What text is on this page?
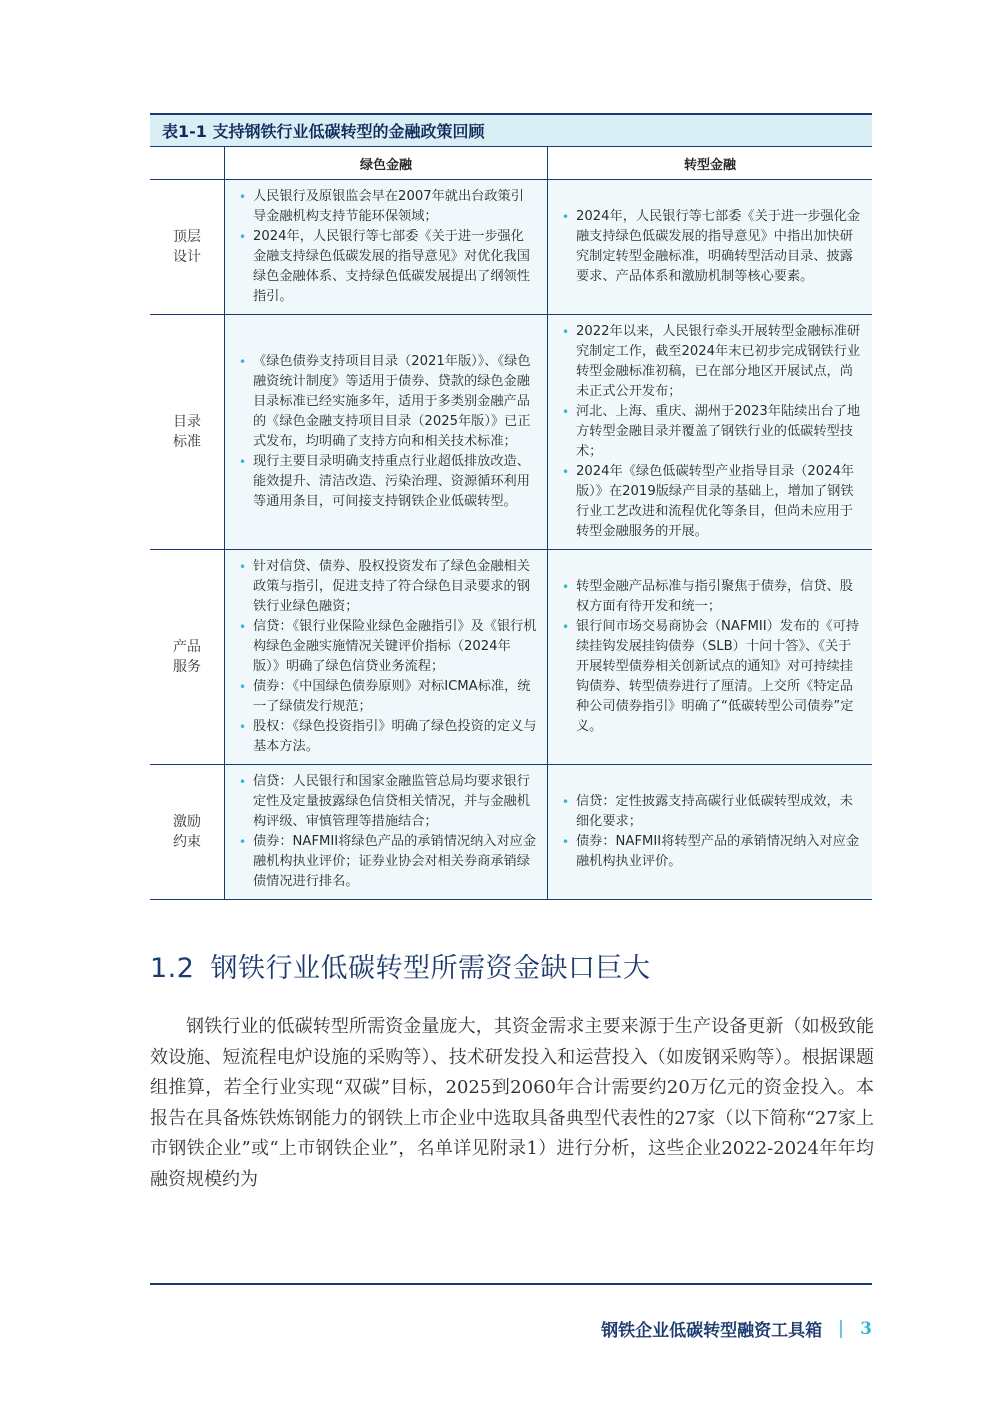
表1-1 支持钢铁行业低碳转型的金融政策回顾
绿色金融	转型金融
顶层
设计
• 人民银行及原银监会早在2007年就出台政策引导金融机构支持节能环保领域；
• 2024年，人民银行等七部委《关于进一步强化金融支持绿色低碳发展的指导意见》对优化我国绿色金融体系、支持绿色低碳发展提出了纲领性指引。
• 2024年，人民银行等七部委《关于进一步强化金融支持绿色低碳发展的指导意见》中指出加快研究制定转型金融标准，明确转型活动目录、披露要求、产品体系和激励机制等核心要素。
目录
标准
• 《绿色债券支持项目目录（2021年版）》、《绿色融资统计制度》等适用于债券、贷款的绿色金融目录标准已经实施多年，适用于多类别金融产品的《绿色金融支持项目目录（2025年版）》已正式发布，均明确了支持方向和相关技术标准；
• 现行主要目录明确支持重点行业超低排放改造、能效提升、清洁改造、污染治理、资源循环利用等通用条目，可间接支持钢铁企业低碳转型。
• 2022年以来，人民银行牵头开展转型金融标准研究制定工作，截至2024年末已初步完成钢铁行业转型金融标准初稿，已在部分地区开展试点，尚未正式公开发布；
• 河北、上海、重庆、湖州于2023年陆续出台了地方转型金融目录并覆盖了钢铁行业的低碳转型技术；
• 2024年《绿色低碳转型产业指导目录（2024年版）》在2019版绿产目录的基础上，增加了钢铁行业工艺改进和流程优化等条目，但尚未应用于转型金融服务的开展。
产品
服务
• 针对信贷、债券、股权投资发布了绿色金融相关政策与指引，促进支持了符合绿色目录要求的钢铁行业绿色融资；
• 信贷：《银行业保险业绿色金融指引》及《银行机构绿色金融实施情况关键评价指标（2024年版）》明确了绿色信贷业务流程；
• 债券：《中国绿色债券原则》对标ICMA标准，统一了绿债发行规范；
• 股权：《绿色投资指引》明确了绿色投资的定义与基本方法。
• 转型金融产品标准与指引聚焦于债券，信贷、股权方面有待开发和统一；
• 银行间市场交易商协会（NAFMII）发布的《可持续挂钩发展挂钩债券（SLB）十问十答》、《关于开展转型债券相关创新试点的通知》对可持续挂钩债券、转型债券进行了厘清。上交所《特定品种公司债券指引》明确了“低碳转型公司债券”定义。
激励
约束
• 信贷：人民银行和国家金融监管总局均要求银行定性及定量披露绿色信贷相关情况，并与金融机构评级、审慎管理等措施结合；
• 债券：NAFMII将绿色产品的承销情况纳入对应金融机构执业评价；证券业协会对相关券商承销绿债情况进行排名。
• 信贷：定性披露支持高碳行业低碳转型成效，未细化要求；
• 债券：NAFMII将转型产品的承销情况纳入对应金融机构执业评价。
1.2 钢铁行业低碳转型所需资金缺口巨大
钢铁行业的低碳转型所需资金量庞大，其资金需求主要来源于生产设备更新（如极致能效设施、短流程电炉设施的采购等）、技术研发投入和运营投入（如废钢采购等）。根据课题组推算，若全行业实现“双碳”目标，2025到2060年合计需要约20万亿元的资金投入。本报告在具备炼铁炼钢能力的钢铁上市企业中选取具备典型代表性的27家（以下简称“27家上市钢铁企业”或“上市钢铁企业”，名单详见附录1）进行分析，这些企业2022-2024年年均融资规模约为
钢铁企业低碳转型融资工具箱 3
